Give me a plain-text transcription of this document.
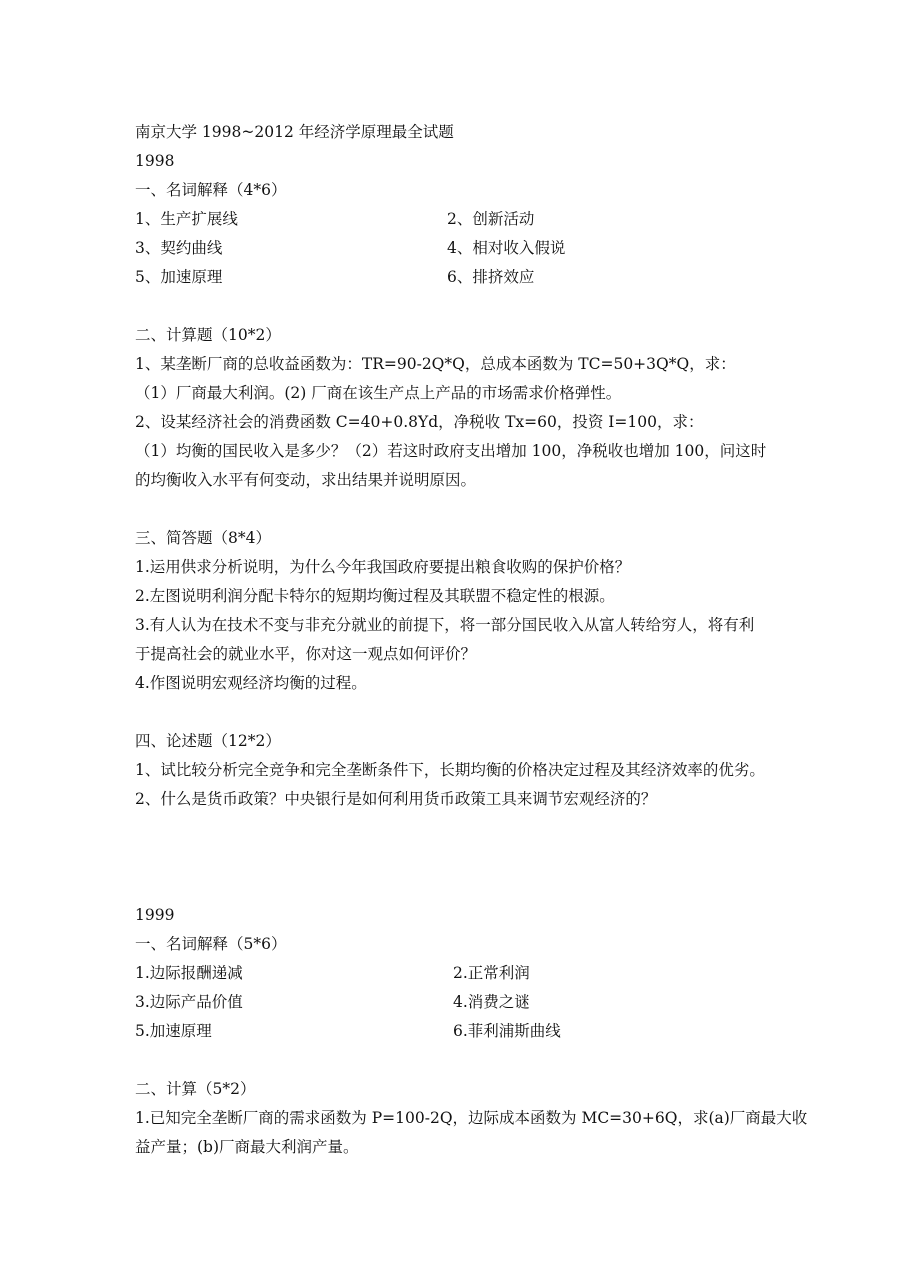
南京大学 1998~2012 年经济学原理最全试题
1998
一、名词解释（4*6）
1、生产扩展线	2、创新活动
3、契约曲线	4、相对收入假说
5、加速原理	6、排挤效应
二、计算题（10*2）
1、某垄断厂商的总收益函数为：TR=90-2Q*Q，总成本函数为 TC=50+3Q*Q，求：
（1）厂商最大利润。(2) 厂商在该生产点上产品的市场需求价格弹性。
2、设某经济社会的消费函数 C=40+0.8Yd，净税收 Tx=60，投资 I=100，求：
（1）均衡的国民收入是多少？（2）若这时政府支出增加 100，净税收也增加 100，问这时
的均衡收入水平有何变动，求出结果并说明原因。
三、简答题（8*4）
1.运用供求分析说明，为什么今年我国政府要提出粮食收购的保护价格？
2.左图说明利润分配卡特尔的短期均衡过程及其联盟不稳定性的根源。
3.有人认为在技术不变与非充分就业的前提下，将一部分国民收入从富人转给穷人，将有利
于提高社会的就业水平，你对这一观点如何评价？
4.作图说明宏观经济均衡的过程。
四、论述题（12*2）
1、试比较分析完全竞争和完全垄断条件下，长期均衡的价格决定过程及其经济效率的优劣。
2、什么是货币政策？中央银行是如何利用货币政策工具来调节宏观经济的？
1999
一、名词解释（5*6）
1.边际报酬递减	2.正常利润
3.边际产品价值	4.消费之谜
5.加速原理	6.菲利浦斯曲线
二、计算（5*2）
1.已知完全垄断厂商的需求函数为 P=100-2Q，边际成本函数为 MC=30+6Q，求(a)厂商最大收
益产量；(b)厂商最大利润产量。
